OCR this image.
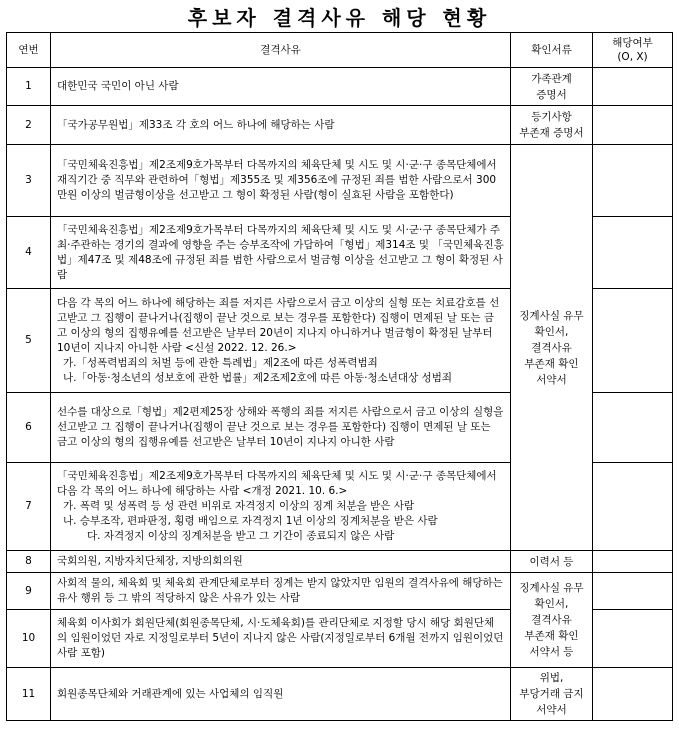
후보자 결격사유 해당 현황
연번	결격사유	확인서류	해당여부
(O, X)

1	대한민국 국민이 아닌 사람	가족관계
증명서	

2	「국가공무원법」제33조 각 호의 어느 하나에 해당하는 사람	등기사항
부존재 증명서	

3	「국민체육진흥법」제2조제9호가목부터 다목까지의 체육단체 및 시도 및 시·군·구 종목단체에서 재직기간 중 직무와 관련하여「형법」제355조 및 제356조에 규정된 죄를 범한 사람으로서 300만원 이상의 벌금형이상을 선고받고 그 형이 확정된 사람(형이 실효된 사람을 포함한다)	징계사실 유무
확인서,
결격사유
부존재 확인
서약서	

4	「국민체육진흥법」제2조제9호가목부터 다목까지의 체육단체 및 시도 및 시·군·구 종목단체가 주최·주관하는 경기의 결과에 영향을 주는 승부조작에 가담하여「형법」제314조 및 「국민체육진흥법」제47조 및 제48조에 규정된 죄를 범한 사람으로서 벌금형 이상을 선고받고 그 형이 확정된 사람		

5	다음 각 목의 어느 하나에 해당하는 죄를 저지른 사람으로서 금고 이상의 실형 또는 치료감호를 선고받고 그 집행이 끝나거나(집행이 끝난 것으로 보는 경우를 포함한다) 집행이 면제된 날 또는 금고 이상의 형의 집행유예를 선고받은 날부터 20년이 지나지 아니하거나 벌금형이 확정된 날부터 10년이 지나지 아니한 사람 <신설 2022. 12. 26.>
가.「성폭력범죄의 처벌 등에 관한 특례법」제2조에 따른 성폭력범죄
나.「아동·청소년의 성보호에 관한 법률」제2조제2호에 따른 아동·청소년대상 성범죄		

6	선수를 대상으로「형법」제2편제25장 상해와 폭행의 죄를 저지른 사람으로서 금고 이상의 실형을 선고받고 그 집행이 끝나거나(집행이 끝난 것으로 보는 경우를 포함한다) 집행이 면제된 날 또는 금고 이상의 형의 집행유예를 선고받은 날부터 10년이 지나지 아니한 사람		

7	「국민체육진흥법」제2조제9호가목부터 다목까지의 체육단체 및 시도 및 시·군·구 종목단체에서 다음 각 목의 어느 하나에 해당하는 사람 <개정 2021. 10. 6.>
가. 폭력 및 성폭력 등 성 관련 비위로 자격정지 이상의 징계 처분을 받은 사람
나. 승부조작, 편파판정, 횡령 배임으로 자격정지 1년 이상의 징계처분을 받은 사람
다. 자격정지 이상의 징계처분을 받고 그 기간이 종료되지 않은 사람		

8	국회의원, 지방자치단체장, 지방의회의원	이력서 등	

9	사회적 물의, 체육회 및 체육회 관계단체로부터 징계는 받지 않았지만 임원의 결격사유에 해당하는 유사 행위 등 그 밖의 적당하지 않은 사유가 있는 사람	징계사실 유무
확인서,
결격사유
부존재 확인
서약서 등	

10	체육회 이사회가 회원단체(회원종목단체, 시·도체육회)를 관리단체로 지정할 당시 해당 회원단체의 임원이었던 자로 지정일로부터 5년이 지나지 않은 사람(지정일로부터 6개월 전까지 임원이었던 사람 포함)		

11	회원종목단체와 거래관계에 있는 사업체의 임직원	위법,
부당거래 금지
서약서	
